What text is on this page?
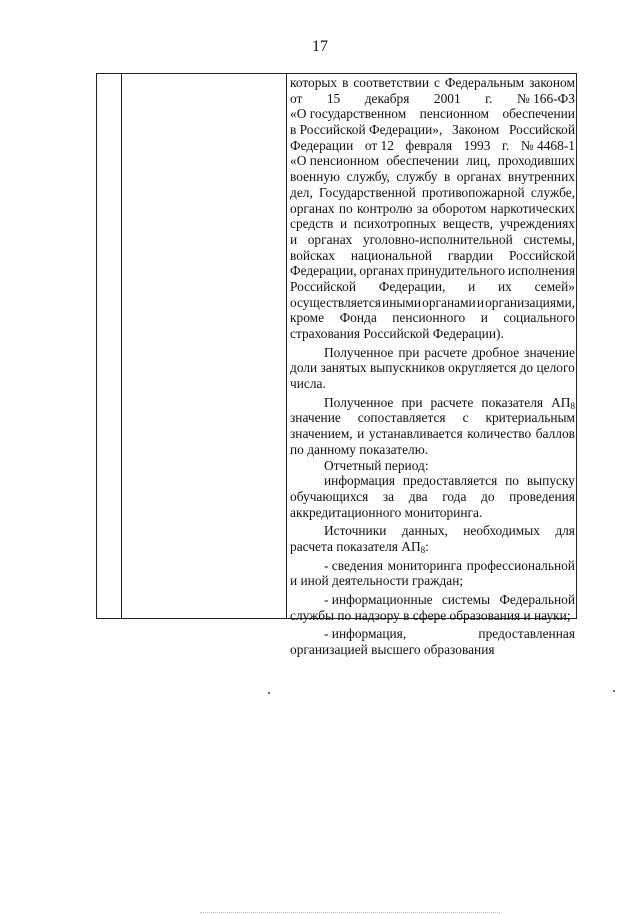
17
которых в соответствии с Федеральным законом
от 15 декабря 2001 г. № 166-ФЗ
«О государственном пенсионном обеспечении
в Российской Федерации», Законом Российской
Федерации от 12 февраля 1993 г. № 4468-1
«О пенсионном обеспечении лиц, проходивших
военную службу, службу в органах внутренних
дел, Государственной противопожарной службе,
органах по контролю за оборотом наркотических
средств и психотропных веществ, учреждениях
и органах уголовно-исполнительной системы,
войсках национальной гвардии Российской
Федерации, органах принудительного исполнения
Российской Федерации, и их семей»
осуществляется иными органами и организациями,
кроме Фонда пенсионного и социального
страхования Российской Федерации).
Полученное при расчете дробное значение
доли занятых выпускников округляется до целого
числа.
Полученное при расчете показателя $АП_8$
значение сопоставляется с критериальным
значением, и устанавливается количество баллов
по данному показателю.
Отчетный период:
информация предоставляется по выпуску
обучающихся за два года до проведения
аккредитационного мониторинга.
Источники данных, необходимых для
расчета показателя $АП_8$:
- сведения мониторинга профессиональной
и иной деятельности граждан;
- информационные системы Федеральной
службы по надзору в сфере образования и науки;
- информация,	предоставленная
организацией высшего образования
